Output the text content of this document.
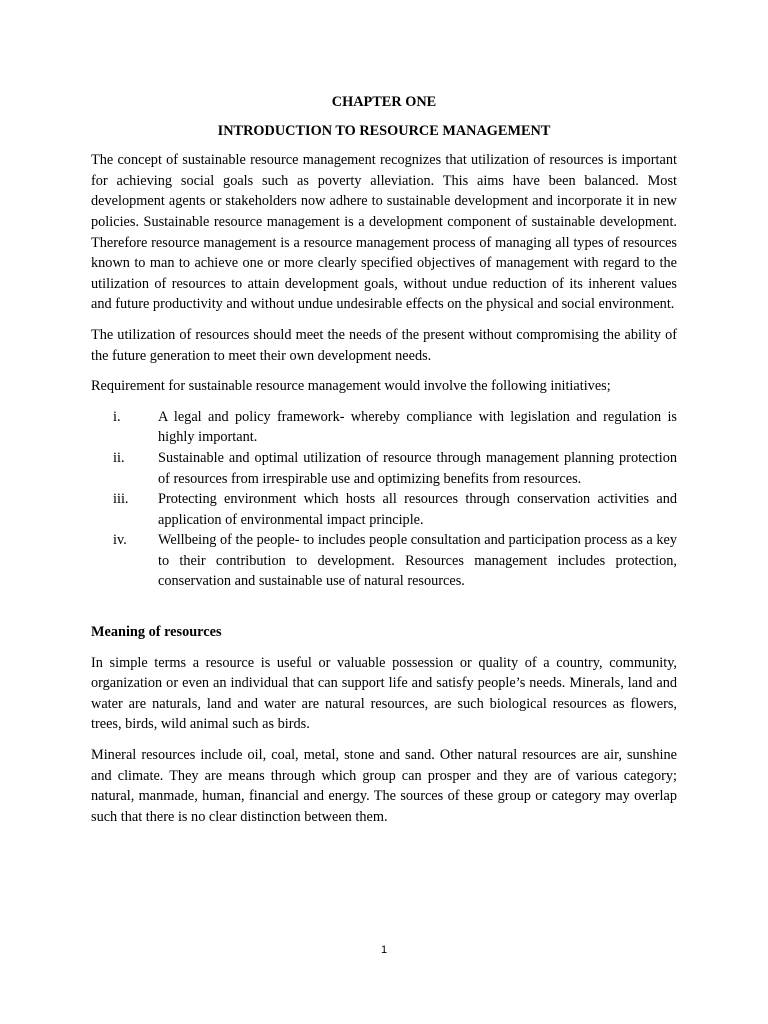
CHAPTER ONE

INTRODUCTION TO RESOURCE MANAGEMENT

The concept of sustainable resource management recognizes that utilization of resources is important for achieving social goals such as poverty alleviation. This aims have been balanced. Most development agents or stakeholders now adhere to sustainable development and incorporate it in new policies. Sustainable resource management is a development component of sustainable development. Therefore resource management is a resource management process of managing all types of resources known to man to achieve one or more clearly specified objectives of management with regard to the utilization of resources to attain development goals, without undue reduction of its inherent values and future productivity and without undue undesirable effects on the physical and social environment.

The utilization of resources should meet the needs of the present without compromising the ability of the future generation to meet their own development needs.

Requirement for sustainable resource management would involve the following initiatives;

i.	A legal and policy framework- whereby compliance with legislation and regulation is highly important.
ii. Sustainable and optimal utilization of resource through management planning protection of resources from irrespirable use and optimizing benefits from resources.
iii. Protecting environment which hosts all resources through conservation activities and application of environmental impact principle.
iv. Wellbeing of the people- to includes people consultation and participation process as a key to their contribution to development. Resources management includes protection, conservation and sustainable use of natural resources.

Meaning of resources

In simple terms a resource is useful or valuable possession or quality of a country, community, organization or even an individual that can support life and satisfy people’s needs. Minerals, land and water are naturals, land and water are natural resources, are such biological resources as flowers, trees, birds, wild animal such as birds.

Mineral resources include oil, coal, metal, stone and sand. Other natural resources are air, sunshine and climate. They are means through which group can prosper and they are of various category; natural, manmade, human, financial and energy. The sources of these group or category may overlap such that there is no clear distinction between them.

1
